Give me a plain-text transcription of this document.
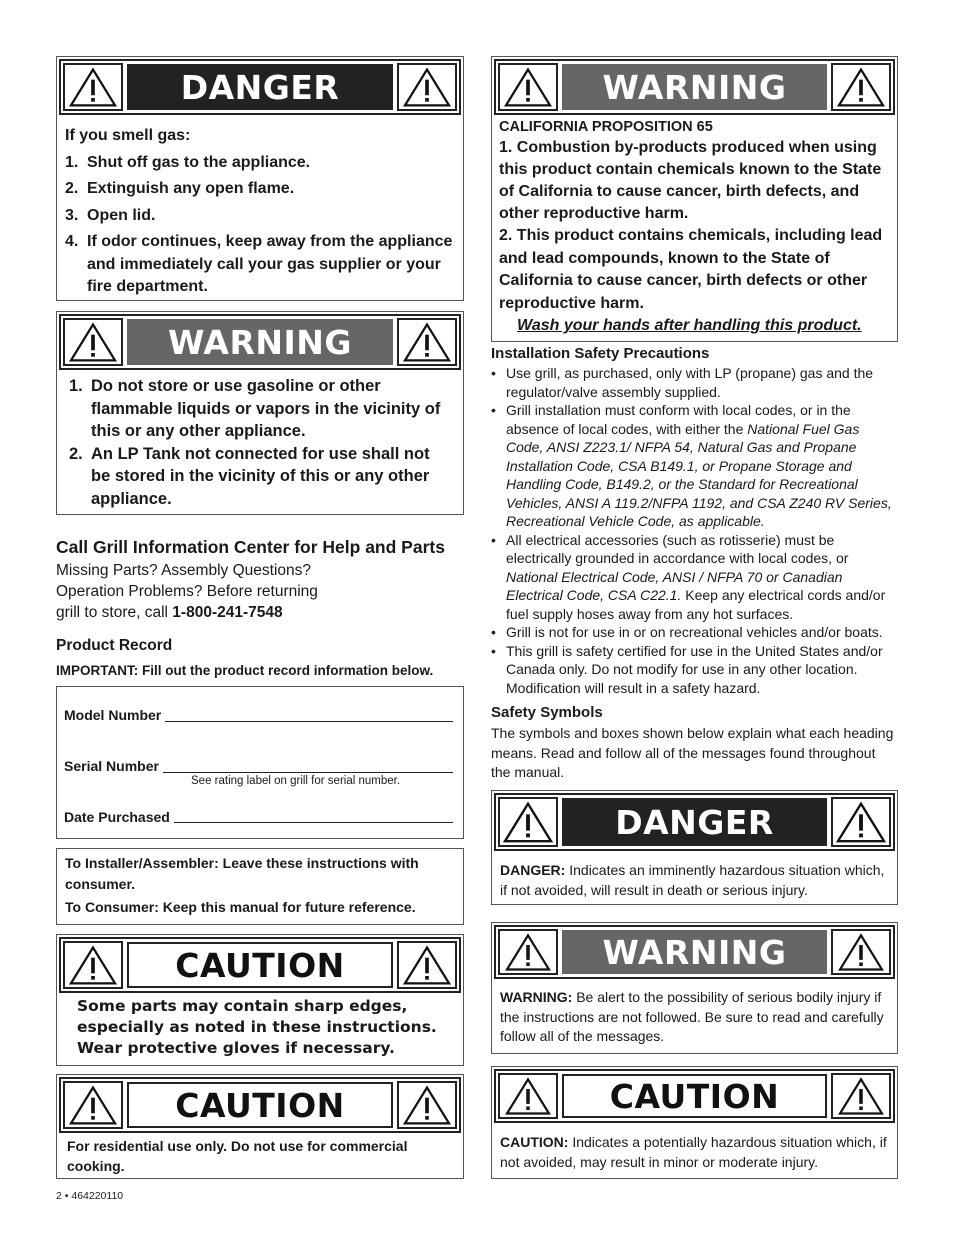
DANGER
If you smell gas:
1. Shut off gas to the appliance.
2. Extinguish any open flame.
3. Open lid.
4. If odor continues, keep away from the appliance and immediately call your gas supplier or your fire department.
WARNING
1. Do not store or use gasoline or other flammable liquids or vapors in the vicinity of this or any other appliance.
2. An LP Tank not connected for use shall not be stored in the vicinity of this or any other appliance.
Call Grill Information Center for Help and Parts
Missing Parts? Assembly Questions?
Operation Problems? Before returning
grill to store, call 1-800-241-7548
Product Record
IMPORTANT: Fill out the product record information below.
Model Number
Serial Number
See rating label on grill for serial number.
Date Purchased
To Installer/Assembler: Leave these instructions with consumer.
To Consumer: Keep this manual for future reference.
CAUTION
Some parts may contain sharp edges, especially as noted in these instructions. Wear protective gloves if necessary.
CAUTION
For residential use only. Do not use for commercial cooking.
2 • 464220110
WARNING
CALIFORNIA PROPOSITION 65
1. Combustion by-products produced when using this product contain chemicals known to the State of California to cause cancer, birth defects, and other reproductive harm.
2. This product contains chemicals, including lead and lead compounds, known to the State of California to cause cancer, birth defects or other reproductive harm.
Wash your hands after handling this product.
Installation Safety Precautions
• Use grill, as purchased, only with LP (propane) gas and the regulator/valve assembly supplied.
• Grill installation must conform with local codes, or in the absence of local codes, with either the National Fuel Gas Code, ANSI Z223.1/ NFPA 54, Natural Gas and Propane Installation Code, CSA B149.1, or Propane Storage and Handling Code, B149.2, or the Standard for Recreational Vehicles, ANSI A 119.2/NFPA 1192, and CSA Z240 RV Series, Recreational Vehicle Code, as applicable.
• All electrical accessories (such as rotisserie) must be electrically grounded in accordance with local codes, or National Electrical Code, ANSI / NFPA 70 or Canadian Electrical Code, CSA C22.1. Keep any electrical cords and/or fuel supply hoses away from any hot surfaces.
• Grill is not for use in or on recreational vehicles and/or boats.
• This grill is safety certified for use in the United States and/or Canada only. Do not modify for use in any other location. Modification will result in a safety hazard.
Safety Symbols
The symbols and boxes shown below explain what each heading means. Read and follow all of the messages found throughout the manual.
DANGER
DANGER: Indicates an imminently hazardous situation which, if not avoided, will result in death or serious injury.
WARNING
WARNING: Be alert to the possibility of serious bodily injury if the instructions are not followed. Be sure to read and carefully follow all of the messages.
CAUTION
CAUTION: Indicates a potentially hazardous situation which, if not avoided, may result in minor or moderate injury.
